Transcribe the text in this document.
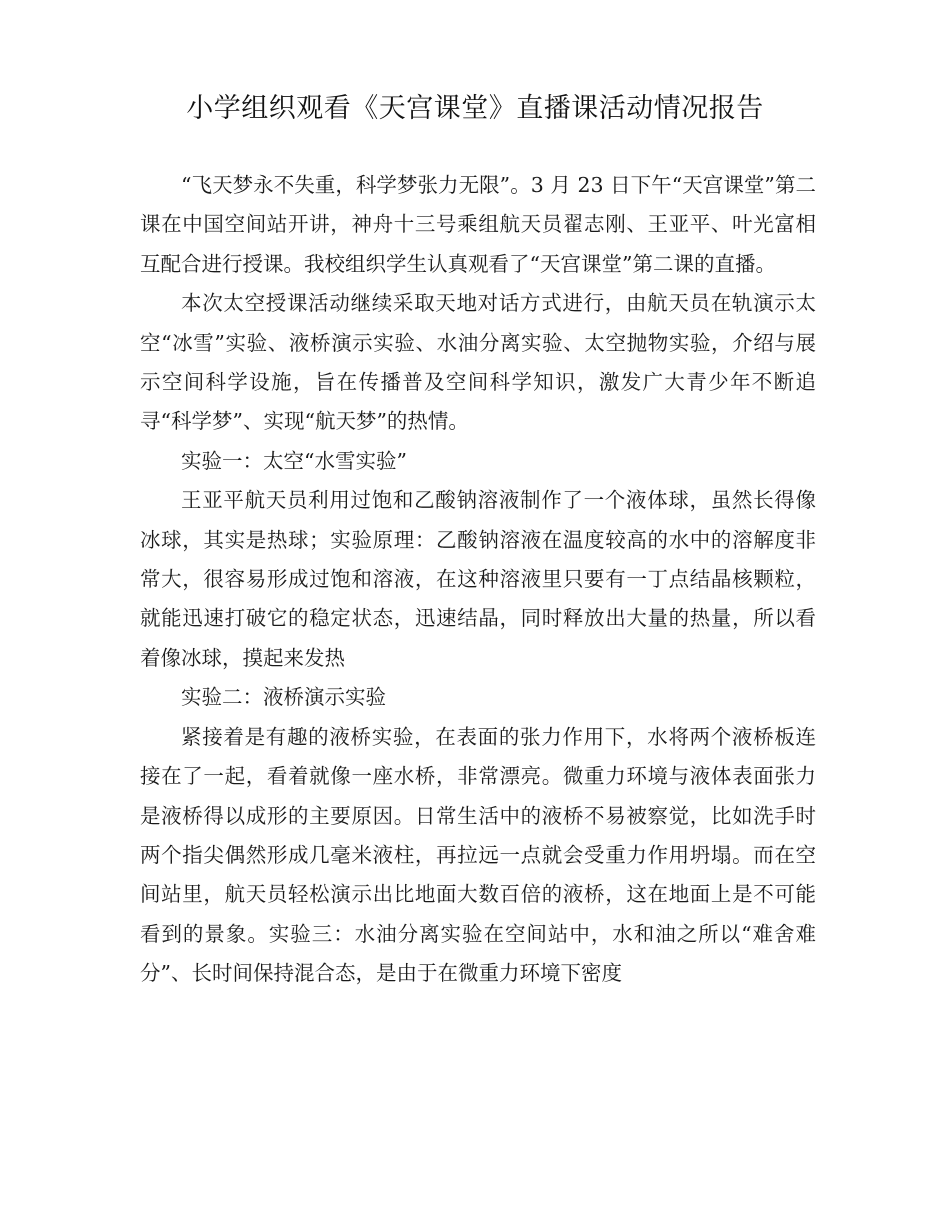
小学组织观看《天宫课堂》直播课活动情况报告

“飞天梦永不失重，科学梦张力无限”。3 月 23 日下午“天宫课堂”第二课在中国空间站开讲，神舟十三号乘组航天员翟志刚、王亚平、叶光富相互配合进行授课。我校组织学生认真观看了“天宫课堂”第二课的直播。

本次太空授课活动继续采取天地对话方式进行，由航天员在轨演示太空“冰雪”实验、液桥演示实验、水油分离实验、太空抛物实验，介绍与展示空间科学设施，旨在传播普及空间科学知识，激发广大青少年不断追寻“科学梦”、实现“航天梦”的热情。

实验一：太空“水雪实验”

王亚平航天员利用过饱和乙酸钠溶液制作了一个液体球，虽然长得像冰球，其实是热球；实验原理：乙酸钠溶液在温度较高的水中的溶解度非常大，很容易形成过饱和溶液，在这种溶液里只要有一丁点结晶核颗粒，就能迅速打破它的稳定状态，迅速结晶，同时释放出大量的热量，所以看着像冰球，摸起来发热

实验二：液桥演示实验

紧接着是有趣的液桥实验，在表面的张力作用下，水将两个液桥板连接在了一起，看着就像一座水桥，非常漂亮。微重力环境与液体表面张力是液桥得以成形的主要原因。日常生活中的液桥不易被察觉，比如洗手时两个指尖偶然形成几毫米液柱，再拉远一点就会受重力作用坍塌。而在空间站里，航天员轻松演示出比地面大数百倍的液桥，这在地面上是不可能看到的景象。实验三：水油分离实验在空间站中，水和油之所以“难舍难分”、长时间保持混合态，是由于在微重力环境下密度
